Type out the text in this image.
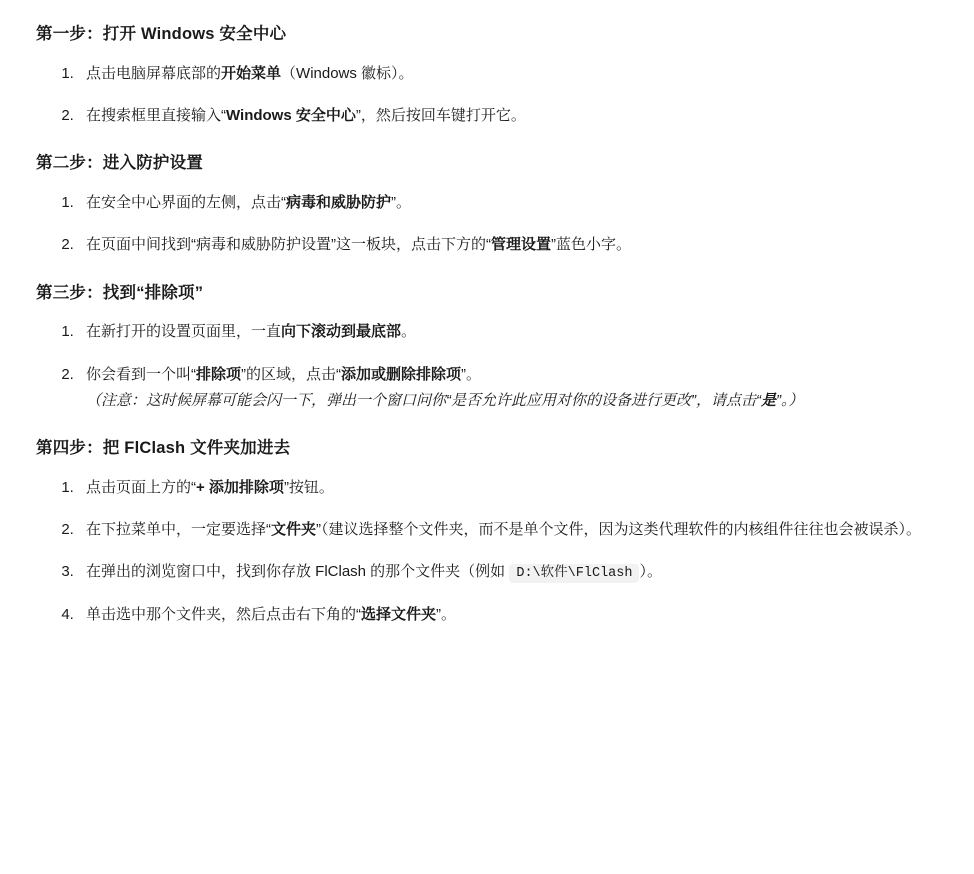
第一步：打开 Windows 安全中心
1. 点击电脑屏幕底部的开始菜单（Windows 徽标）。
2. 在搜索框里直接输入“Windows 安全中心”，然后按回车键打开它。
第二步：进入防护设置
1. 在安全中心界面的左侧，点击“病毒和威胁防护”。
2. 在页面中间找到“病毒和威胁防护设置”这一板块，点击下方的“管理设置”蓝色小字。
第三步：找到“排除项”
1. 在新打开的设置页面里，一直向下滚动到最底部。
2. 你会看到一个叫“排除项”的区域，点击“添加或删除排除项”。
（注意：这时候屏幕可能会闪一下，弹出一个窗口问你“是否允许此应用对你的设备进行更改”，请点击“是”。）
第四步：把 FlClash 文件夹加进去
1. 点击页面上方的“+ 添加排除项”按钮。
2. 在下拉菜单中，一定要选择“文件夹”（建议选择整个文件夹，而不是单个文件，因为这类代理软件的内核组件往往也会被误杀）。
3. 在弹出的浏览窗口中，找到你存放 FlClash 的那个文件夹（例如 D:\软件\FlClash ）。
4. 单击选中那个文件夹，然后点击右下角的“选择文件夹”。
